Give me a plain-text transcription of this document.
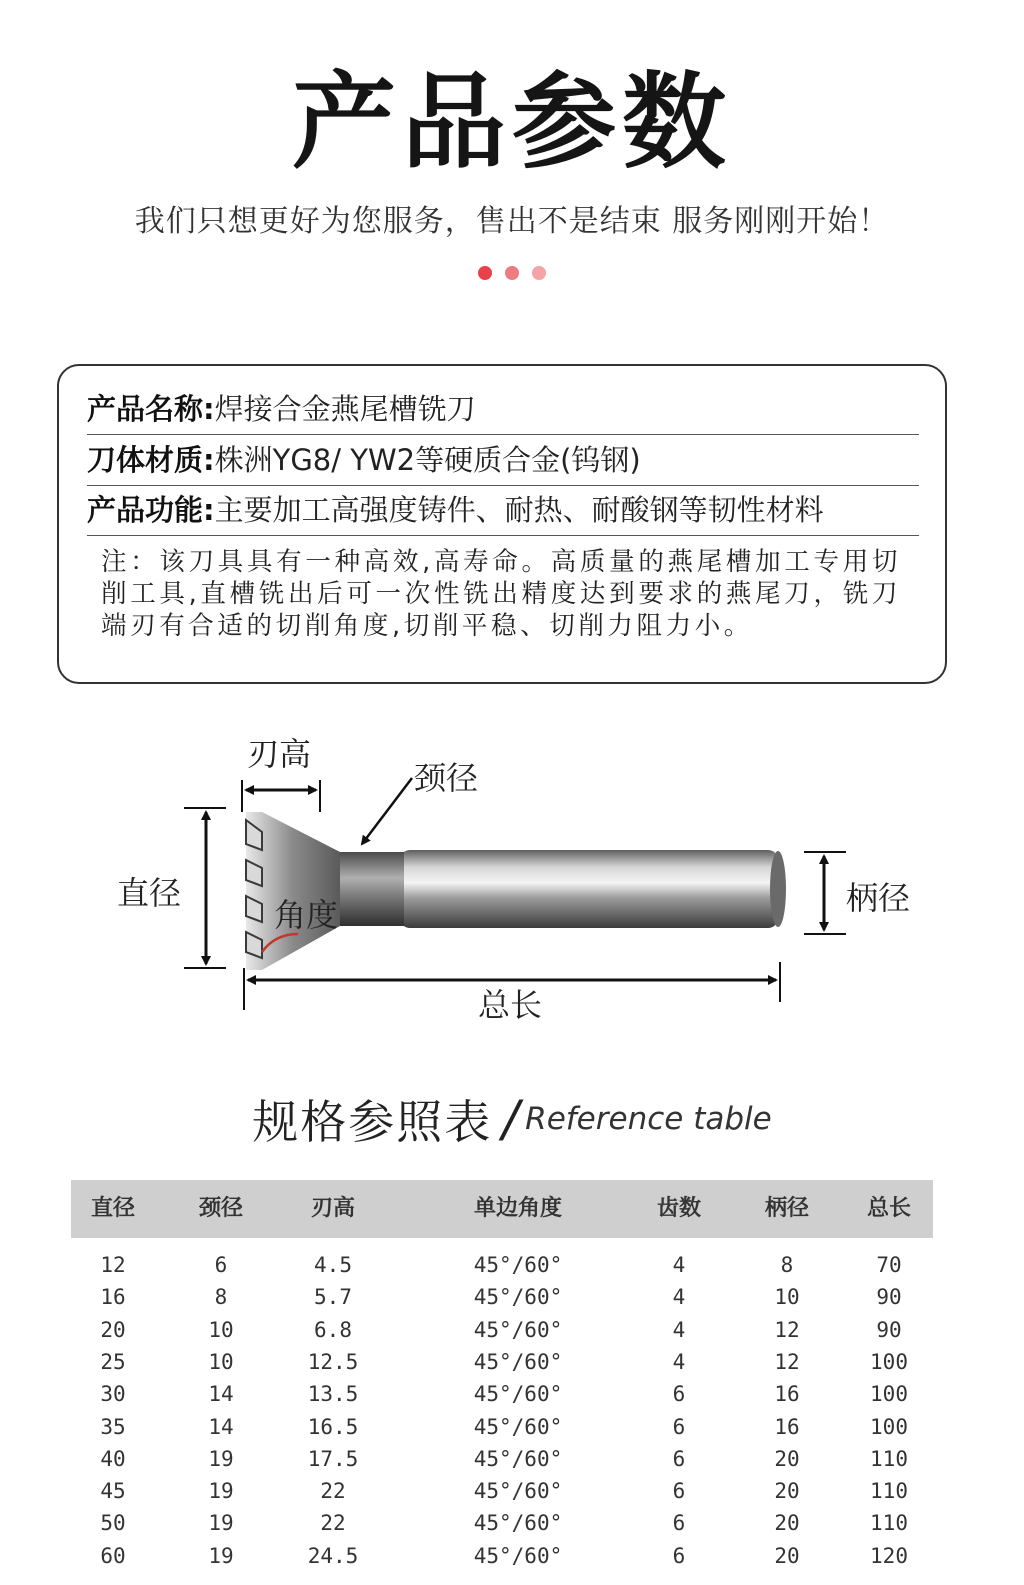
产品参数
我们只想更好为您服务，售出不是结束 服务刚刚开始！
产品名称:焊接合金燕尾槽铣刀
刀体材质:株洲YG8/ YW2等硬质合金(钨钢)
产品功能:主要加工高强度铸件、耐热、耐酸钢等韧性材料
注：该刀具具有一种高效,高寿命。高质量的燕尾槽加工专用切削工具,直槽铣出后可一次性铣出精度达到要求的燕尾刀，铣刀端刃有合适的切削角度,切削平稳、切削力阻力小。
刃高
颈径
直径
角度	柄径
总长
规格参照表 / Reference table
直径	颈径	刃高	单边角度	齿数	柄径	总长
12	6	4.5	45°/60°	4	8	70
16	8	5.7	45°/60°	4	10	90
20	10	6.8	45°/60°	4	12	90
25	10	12.5	45°/60°	4	12	100
30	14	13.5	45°/60°	6	16	100
35	14	16.5	45°/60°	6	16	100
40	19	17.5	45°/60°	6	20	110
45	19	22	45°/60°	6	20	110
50	19	22	45°/60°	6	20	110
60	19	24.5	45°/60°	6	20	120
